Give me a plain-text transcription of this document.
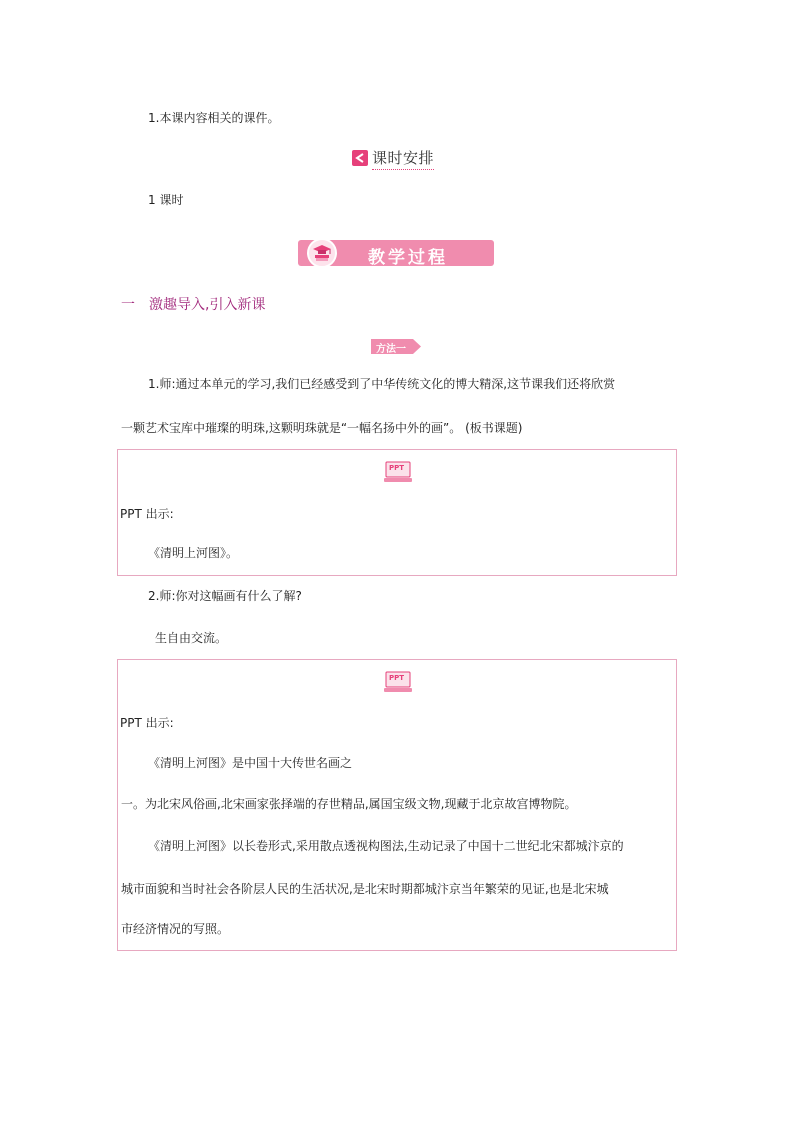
1.本课内容相关的课件。
课时安排
1 课时
教学过程
一　激趣导入,引入新课
方法一
1.师:通过本单元的学习,我们已经感受到了中华传统文化的博大精深,这节课我们还将欣赏
一颗艺术宝库中璀璨的明珠,这颗明珠就是“一幅名扬中外的画”。 (板书课题)
PPT
PPT 出示:
《清明上河图》。
2.师:你对这幅画有什么了解?
生自由交流。
PPT
PPT 出示:
《清明上河图》是中国十大传世名画之
一。为北宋风俗画,北宋画家张择端的存世精品,属国宝级文物,现藏于北京故宫博物院。
《清明上河图》以长卷形式,采用散点透视构图法,生动记录了中国十二世纪北宋都城汴京的
城市面貌和当时社会各阶层人民的生活状况,是北宋时期都城汴京当年繁荣的见证,也是北宋城
市经济情况的写照。
